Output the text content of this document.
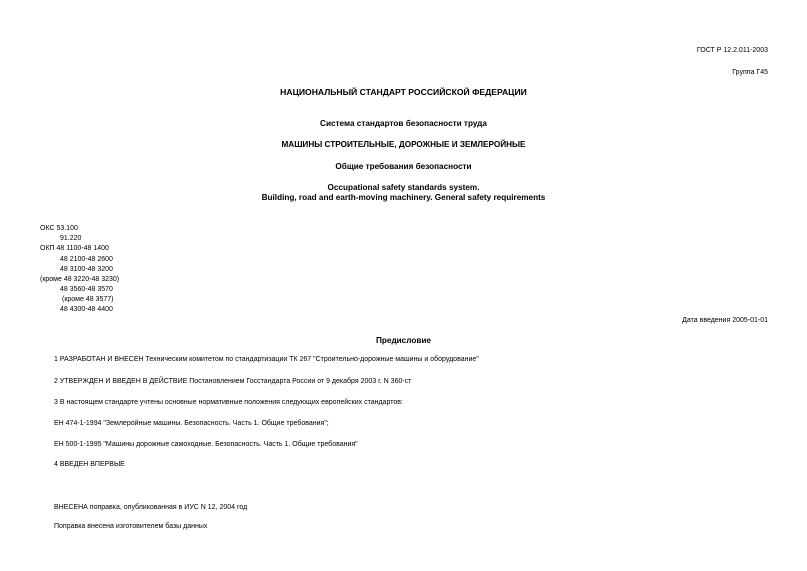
ГОСТ Р 12.2.011-2003
Группа Г45
НАЦИОНАЛЬНЫЙ СТАНДАРТ РОССИЙСКОЙ ФЕДЕРАЦИИ
Система стандартов безопасности труда
МАШИНЫ СТРОИТЕЛЬНЫЕ, ДОРОЖНЫЕ И ЗЕМЛЕРОЙНЫЕ
Общие требования безопасности
Occupational safety standards system.
Building, road and earth-moving machinery. General safety requirements
ОКС 53.100
91.220
ОКП 48 1100-48 1400
48 2100-48 2600
48 3100-48 3200
(кроме 48 3220-48 3230)
48 3560-48 3570
(кроме 48 3577)
48 4300-48 4400
Дата введения 2005-01-01
Предисловие
1 РАЗРАБОТАН И ВНЕСЕН Техническим комитетом по стандартизации ТК 267 "Строительно-дорожные машины и оборудование"
2 УТВЕРЖДЕН И ВВЕДЕН В ДЕЙСТВИЕ Постановлением Госстандарта России от 9 декабря 2003 г. N 360-ст
3 В настоящем стандарте учтены основные нормативные положения следующих европейских стандартов:
ЕН 474-1-1994 "Землеройные машины. Безопасность. Часть 1. Общие требования";
ЕН 500-1-1995 "Машины дорожные самоходные. Безопасность. Часть 1. Общие требования"
4 ВВЕДЕН ВПЕРВЫЕ
ВНЕСЕНА поправка, опубликованная в ИУС N 12, 2004 год
Поправка внесена изготовителем базы данных
